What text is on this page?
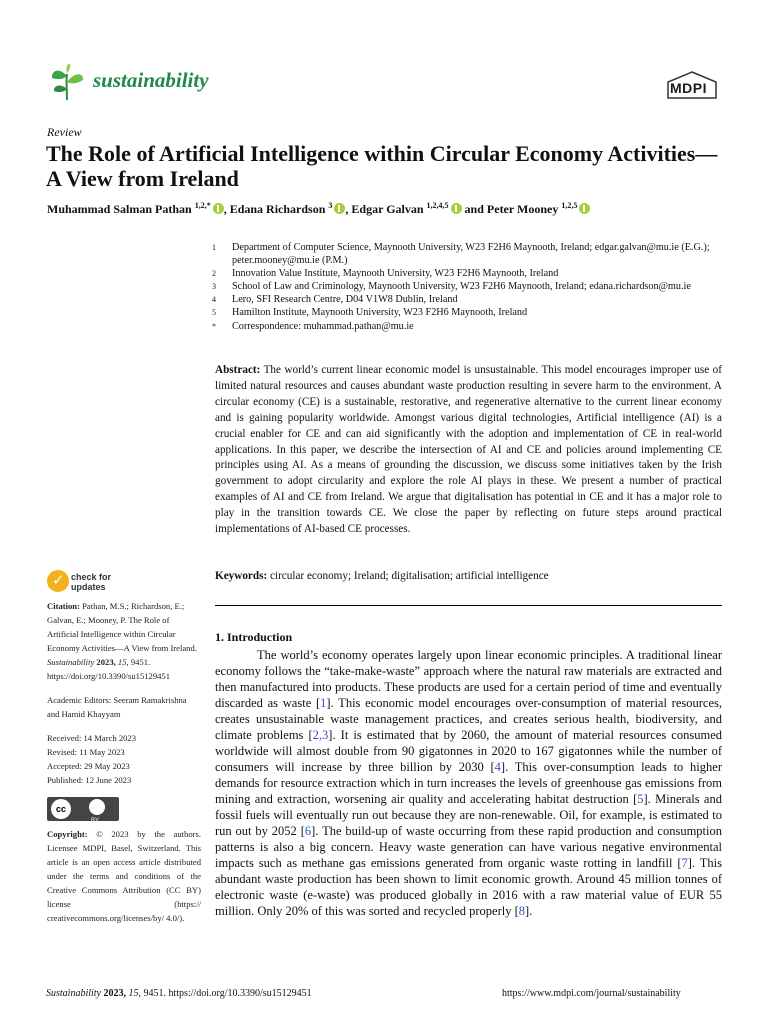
sustainability	MDPI
Review
The Role of Artificial Intelligence within Circular Economy Activities—A View from Ireland
Muhammad Salman Pathan $^{1,2,*}$ , Edana Richardson $^3$ , Edgar Galvan $^{1,2,4,5}$ and Peter Mooney $^{1,2,5}$
1	Department of Computer Science, Maynooth University, W23 F2H6 Maynooth, Ireland; edgar.galvan@mu.ie (E.G.); peter.mooney@mu.ie (P.M.)
2	Innovation Value Institute, Maynooth University, W23 F2H6 Maynooth, Ireland
3	School of Law and Criminology, Maynooth University, W23 F2H6 Maynooth, Ireland; edana.richardson@mu.ie
4	Lero, SFI Research Centre, D04 V1W8 Dublin, Ireland
5	Hamilton Institute, Maynooth University, W23 F2H6 Maynooth, Ireland
*	Correspondence: muhammad.pathan@mu.ie
Abstract: The world’s current linear economic model is unsustainable. This model encourages improper use of limited natural resources and causes abundant waste production resulting in severe harm to the environment. A circular economy (CE) is a sustainable, restorative, and regenerative alternative to the current linear economy and is gaining popularity worldwide. Amongst various digital technologies, Artificial intelligence (AI) is a crucial enabler for CE and can aid significantly with the adoption and implementation of CE in real-world applications. In this paper, we describe the intersection of AI and CE and policies around implementing CE principles using AI. As a means of grounding the discussion, we discuss some initiatives taken by the Irish government to adopt circularity and explore the role AI plays in these. We present a number of practical examples of AI and CE from Ireland. We argue that digitalisation has potential in CE and it has a major role to play in the transition towards CE. We close the paper by reflecting on future steps around practical implementations of AI-based CE processes.
Keywords: circular economy; Ireland; digitalisation; artificial intelligence
✓
check for
updates
Citation: Pathan, M.S.; Richardson, E.; Galvan, E.; Mooney, P. The Role of Artificial Intelligence within Circular Economy Activities—A View from Ireland. Sustainability 2023, 15, 9451. https://doi.org/10.3390/su15129451
Academic Editors: Seeram Ramakrishna and Hamid Khayyam
Received: 14 March 2023
Revised: 11 May 2023
Accepted: 29 May 2023
Published: 12 June 2023
cc
BY
Copyright: © 2023 by the authors. Licensee MDPI, Basel, Switzerland. This article is an open access article distributed under the terms and conditions of the Creative Commons Attribution (CC BY) license (https:// creativecommons.org/licenses/by/ 4.0/).
1. Introduction
The world’s economy operates largely upon linear economic principles. A traditional linear economy follows the “take-make-waste” approach where the natural raw materials are extracted and then manufactured into products. These products are used for a certain period of time and eventually discarded as waste [1]. This economic model encourages over-consumption of material resources, creates unsustainable waste management practices, and creates serious health, biodiversity, and climate problems [2,3]. It is estimated that by 2060, the amount of material resources consumed worldwide will almost double from 90 gigatonnes in 2020 to 167 gigatonnes while the number of consumers will increase by three billion by 2030 [4]. This over-consumption leads to higher demands for resource extraction which in turn increases the levels of greenhouse gas emissions from mining and extraction, worsening air quality and accelerating habitat destruction [5]. Minerals and fossil fuels will eventually run out because they are non-renewable. Oil, for example, is estimated to run out by 2052 [6]. The build-up of waste occurring from these rapid production and consumption patterns is also a big concern. Heavy waste generation can have various negative environmental impacts such as methane gas emissions generated from organic waste rotting in landfill [7]. This abundant waste production has been shown to limit economic growth. Around 45 million tonnes of electronic waste (e-waste) was produced globally in 2016 with a raw material value of EUR 55 million. Only 20% of this was sorted and recycled properly [8].
Sustainability 2023, 15, 9451. https://doi.org/10.3390/su15129451	https://www.mdpi.com/journal/sustainability
